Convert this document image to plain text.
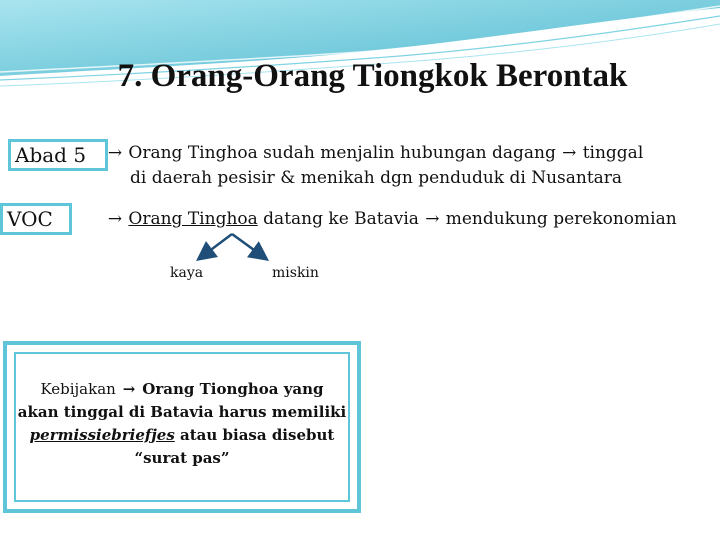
7. Orang-Orang Tiongkok Berontak
Abad 5	→ Orang Tinghoa sudah menjalin hubungan dagang → tinggal
di daerah pesisir & menikah dgn penduduk di Nusantara
VOC	→ Orang Tinghoa datang ke Batavia → mendukung perekonomian
kaya	miskin
Kebijakan → Orang Tionghoa yang
akan tinggal di Batavia harus memiliki
permissiebriefjes atau biasa disebut
“surat pas”
